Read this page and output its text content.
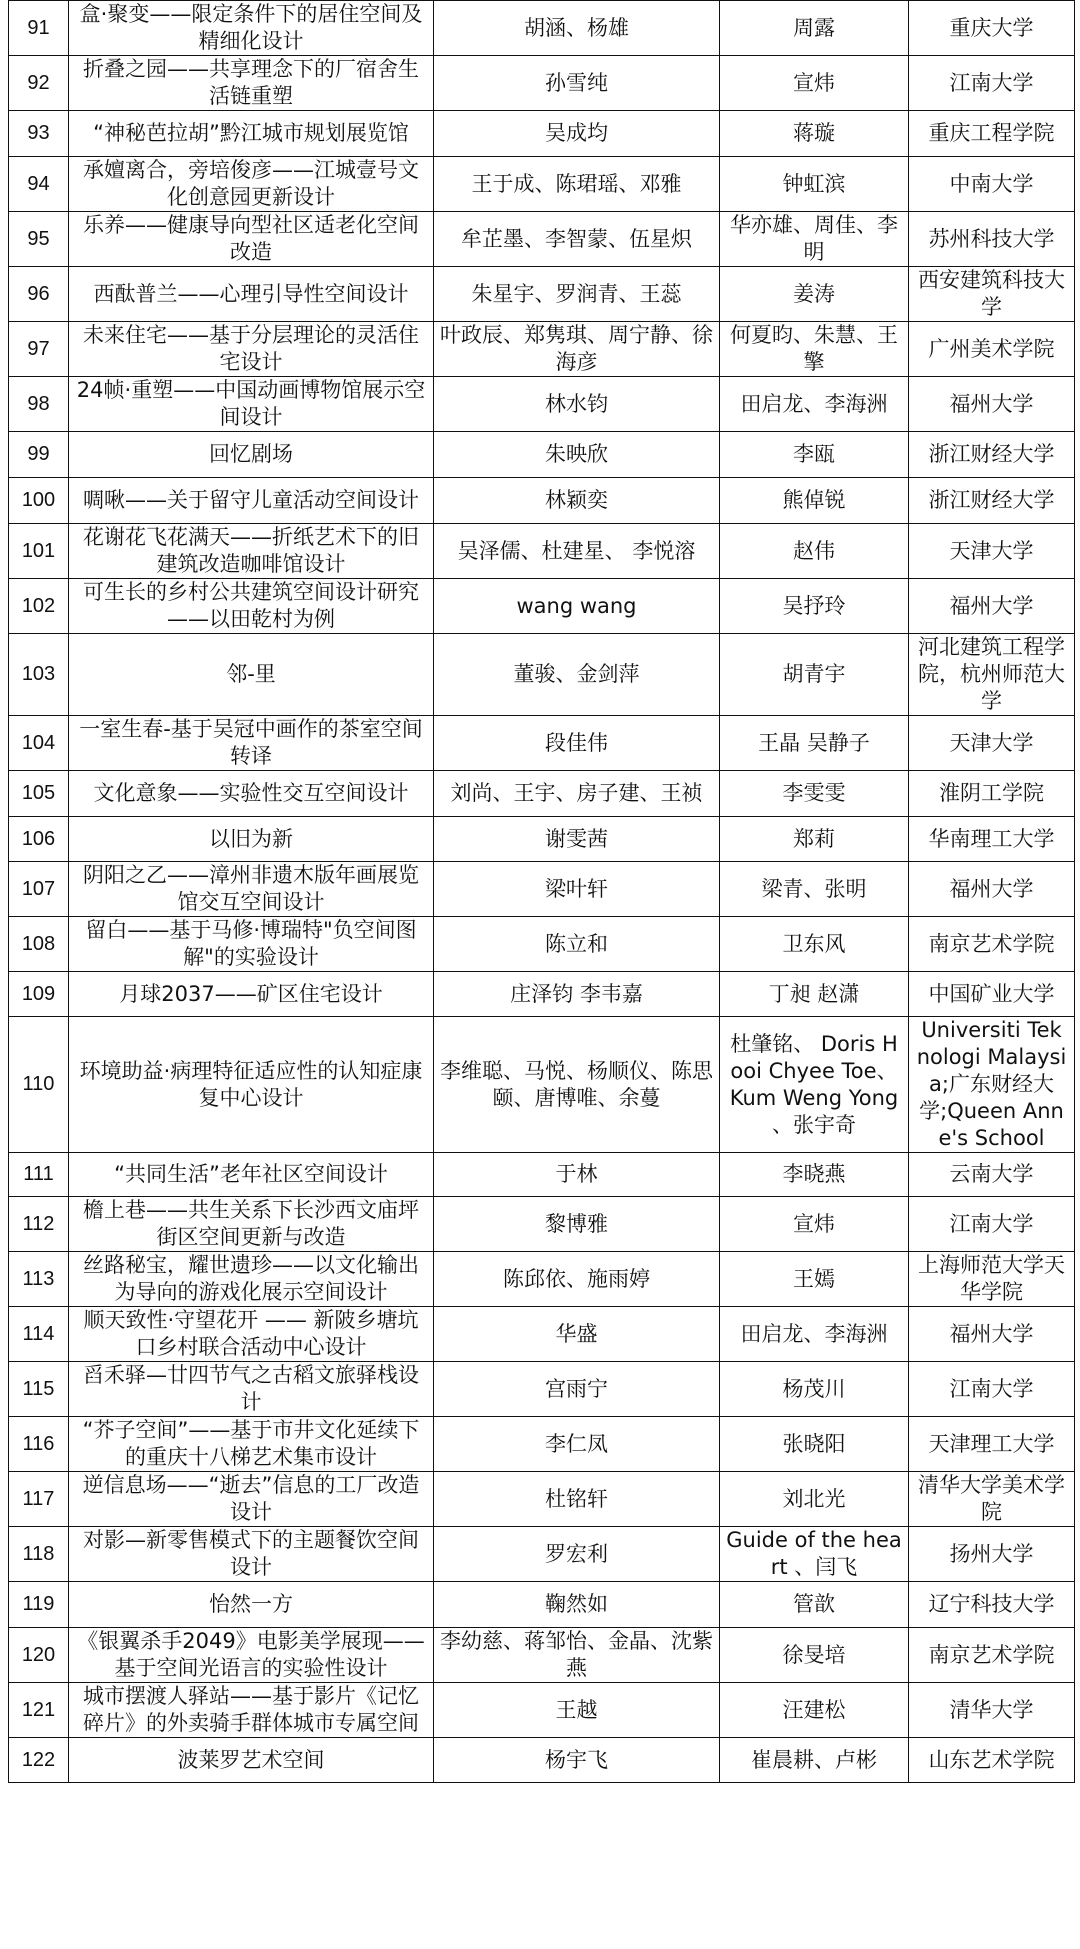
91	盒·聚变——限定条件下的居住空间及精细化设计	胡涵、杨雄	周露	重庆大学
92	折叠之园——共享理念下的厂宿舍生活链重塑	孙雪纯	宣炜	江南大学
93	“神秘芭拉胡”黔江城市规划展览馆	吴成均	蒋璇	重庆工程学院
94	承嬗离合，旁培俊彦——江城壹号文化创意园更新设计	王于成、陈珺瑶、邓雅	钟虹滨	中南大学
95	乐养——健康导向型社区适老化空间改造	牟芷墨、李智蒙、伍星炽	华亦雄、周佳、李明	苏州科技大学
96	西酞普兰——心理引导性空间设计	朱星宇、罗润青、王蕊	姜涛	西安建筑科技大学
97	未来住宅——基于分层理论的灵活住宅设计	叶政辰、郑隽琪、周宁静、徐海彦	何夏昀、朱慧、王擎	广州美术学院
98	24帧·重塑——中国动画博物馆展示空间设计	林水钧	田启龙、李海洲	福州大学
99	回忆剧场	朱映欣	李瓯	浙江财经大学
100	啁啾——关于留守儿童活动空间设计	林颖奕	熊倬锐	浙江财经大学
101	花谢花飞花满天——折纸艺术下的旧建筑改造咖啡馆设计	吴泽儒、杜建星、 李悦溶	赵伟	天津大学
102	可生长的乡村公共建筑空间设计研究——以田乾村为例	wang wang	吴抒玲	福州大学
103	邻-里	董骏、金剑萍	胡青宇	河北建筑工程学院，杭州师范大学
104	一室生春-基于吴冠中画作的茶室空间转译	段佳伟	王晶 吴静子	天津大学
105	文化意象——实验性交互空间设计	刘尚、王宇、房子建、王祯	李雯雯	淮阴工学院
106	以旧为新	谢雯茜	郑莉	华南理工大学
107	阴阳之乙——漳州非遗木版年画展览馆交互空间设计	梁叶轩	梁青、张明	福州大学
108	留白——基于马修·博瑞特"负空间图解"的实验设计	陈立和	卫东风	南京艺术学院
109	月球2037——矿区住宅设计	庄泽钧 李韦嘉	丁昶 赵潇	中国矿业大学
110	环境助益·病理特征适应性的认知症康复中心设计	李维聪、马悦、杨顺仪、陈思颐、唐博唯、余蔓	杜肇铭、 Doris Hooi Chyee Toe、 Kum Weng Yong 、张宇奇	Universiti Teknologi Malaysia;广东财经大学;Queen Anne's School
111	“共同生活”老年社区空间设计	于林	李晓燕	云南大学
112	檐上巷——共生关系下长沙西文庙坪街区空间更新与改造	黎博雅	宣炜	江南大学
113	丝路秘宝，耀世遗珍——以文化输出为导向的游戏化展示空间设计	陈邱依、施雨婷	王嫣	上海师范大学天华学院
114	顺天致性·守望花开 —— 新陂乡塘坑口乡村联合活动中心设计	华盛	田启龙、李海洲	福州大学
115	舀禾驿—廿四节气之古稻文旅驿栈设计	宫雨宁	杨茂川	江南大学
116	“芥子空间”——基于市井文化延续下的重庆十八梯艺术集市设计	李仁凤	张晓阳	天津理工大学
117	逆信息场——“逝去”信息的工厂改造设计	杜铭轩	刘北光	清华大学美术学院
118	对影—新零售模式下的主题餐饮空间设计	罗宏利	Guide of the heart 、闫飞	扬州大学
119	怡然一方	鞠然如	管歆	辽宁科技大学
120	《银翼杀手2049》电影美学展现——基于空间光语言的实验性设计	李幼慈、蒋邹怡、金晶、沈紫燕	徐旻培	南京艺术学院
121	城市摆渡人驿站——基于影片《记忆碎片》的外卖骑手群体城市专属空间	王越	汪建松	清华大学
122	波莱罗艺术空间	杨宇飞	崔晨耕、卢彬	山东艺术学院
